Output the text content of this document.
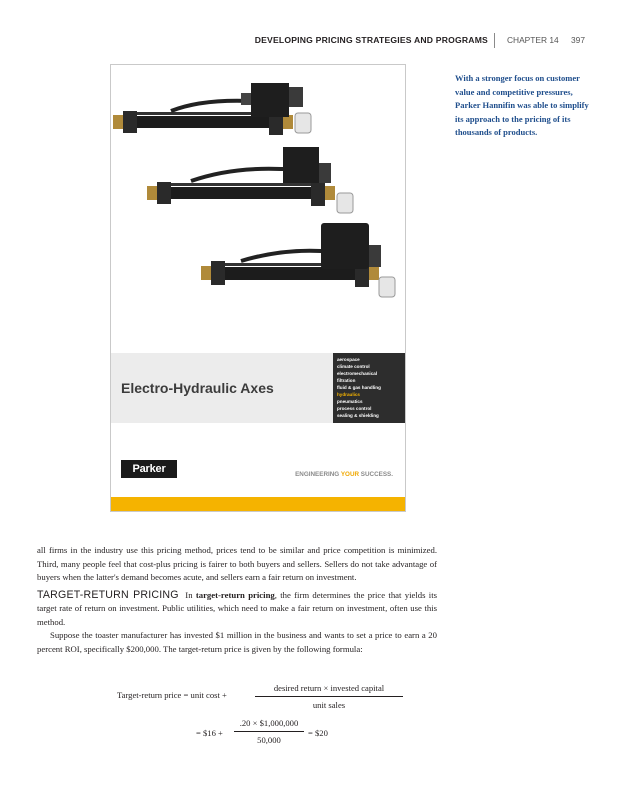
DEVELOPING PRICING STRATEGIES AND PROGRAMS CHAPTER 14 397
With a stronger focus on customer value and competitive pressures, Parker Hannifin was able to simplify its approach to the pricing of its thousands of products.
Electro-Hydraulic Axes
aerospace
climate control
electromechanical
filtration
fluid & gas handling
hydraulics
pneumatics
process control
sealing & shielding
Parker	ENGINEERING YOUR SUCCESS.

all firms in the industry use this pricing method, prices tend to be similar and price competition is minimized. Third, many people feel that cost-plus pricing is fairer to both buyers and sellers. Sellers do not take advantage of buyers when the latter's demand becomes acute, and sellers earn a fair return on investment.

TARGET-RETURN PRICING In target-return pricing, the firm determines the price that yields its target rate of return on investment. Public utilities, which need to make a fair return on investment, often use this method.

Suppose the toaster manufacturer has invested $1 million in the business and wants to set a price to earn a 20 percent ROI, specifically $200,000. The target-return price is given by the following formula:

Target-return price = unit cost +
desired return × invested capital
unit sales
= $16 + $\frac{.20 \times \$1,000,000}{50,000}$ = $20
